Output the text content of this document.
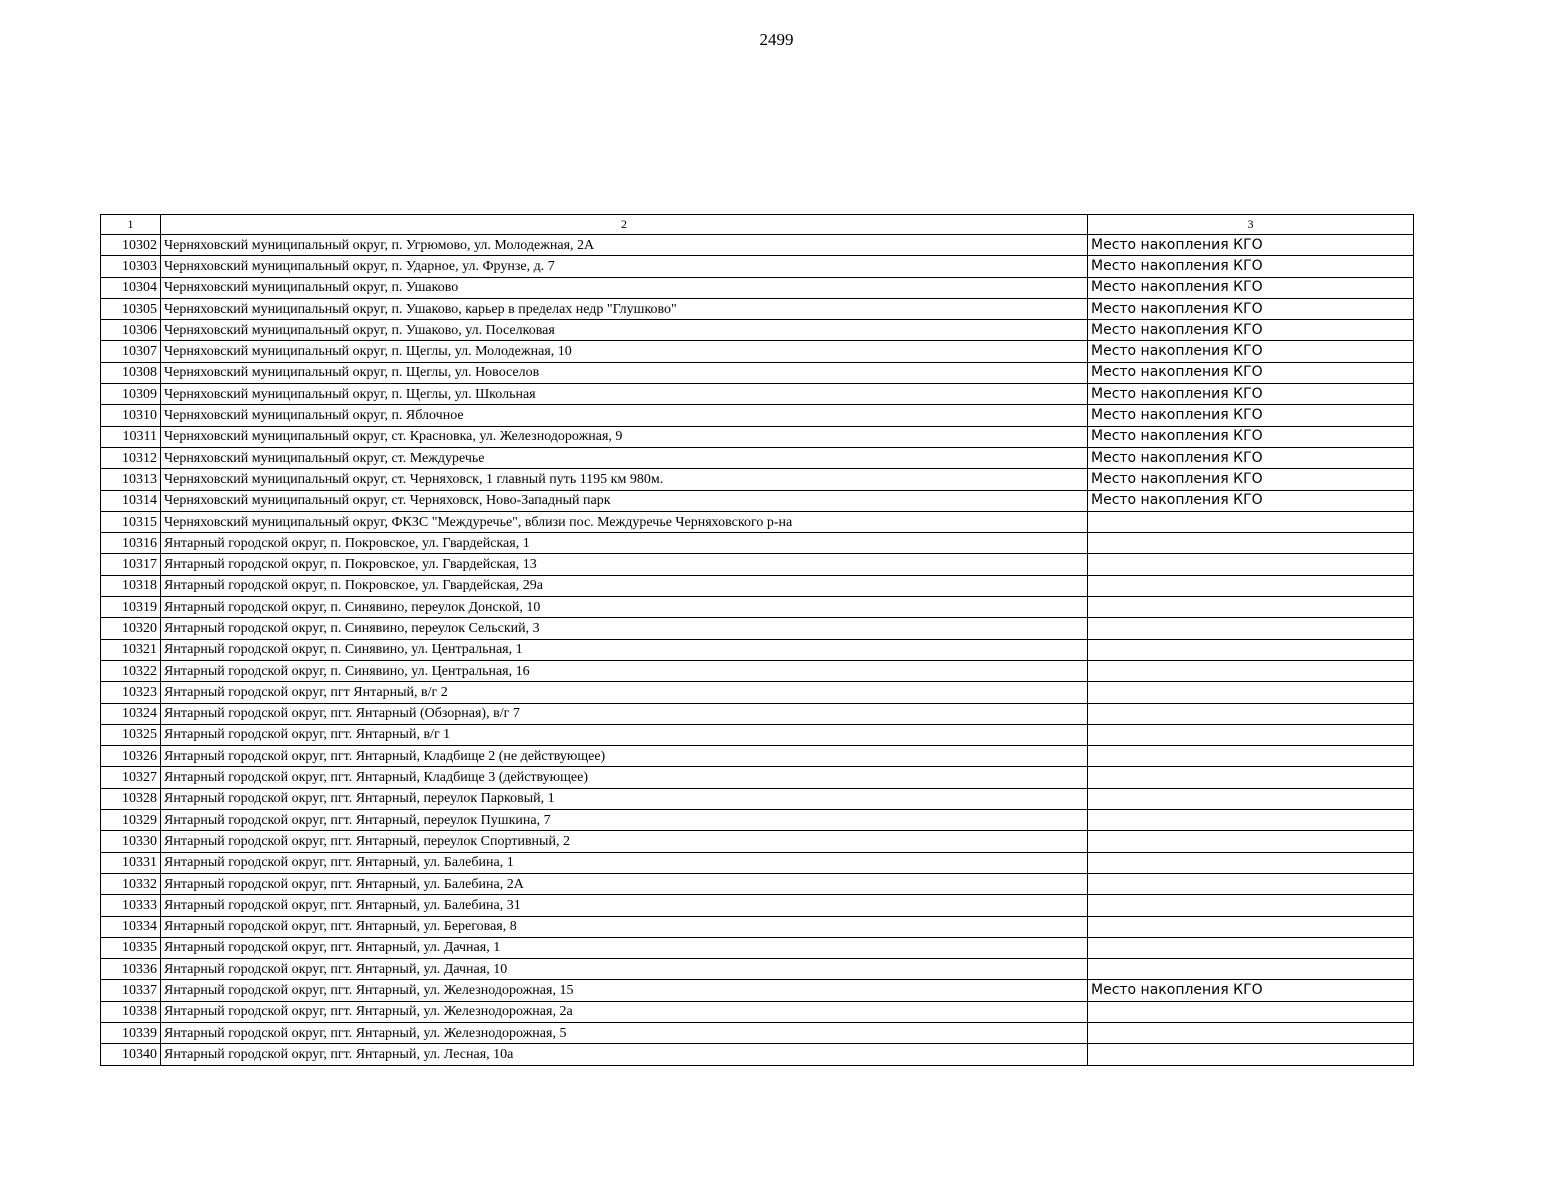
2499
1	2	3
10302	Черняховский муниципальный округ, п. Угрюмово, ул. Молодежная, 2А	Место накопления КГО
10303	Черняховский муниципальный округ, п. Ударное, ул. Фрунзе, д. 7	Место накопления КГО
10304	Черняховский муниципальный округ, п. Ушаково	Место накопления КГО
10305	Черняховский муниципальный округ, п. Ушаково, карьер в пределах недр "Глушково"	Место накопления КГО
10306	Черняховский муниципальный округ, п. Ушаково, ул. Поселковая	Место накопления КГО
10307	Черняховский муниципальный округ, п. Щеглы, ул. Молодежная, 10	Место накопления КГО
10308	Черняховский муниципальный округ, п. Щеглы, ул. Новоселов	Место накопления КГО
10309	Черняховский муниципальный округ, п. Щеглы, ул. Школьная	Место накопления КГО
10310	Черняховский муниципальный округ, п. Яблочное	Место накопления КГО
10311	Черняховский муниципальный округ, ст. Красновка, ул. Железнодорожная, 9	Место накопления КГО
10312	Черняховский муниципальный округ, ст. Междуречье	Место накопления КГО
10313	Черняховский муниципальный округ, ст. Черняховск, 1 главный путь 1195 км 980м.	Место накопления КГО
10314	Черняховский муниципальный округ, ст. Черняховск, Ново-Западный парк	Место накопления КГО
10315	Черняховский муниципальный округ, ФКЗС "Междуречье", вблизи пос. Междуречье Черняховского р-на	
10316	Янтарный городской округ, п. Покровское, ул. Гвардейская, 1	
10317	Янтарный городской округ, п. Покровское, ул. Гвардейская, 13	
10318	Янтарный городской округ, п. Покровское, ул. Гвардейская, 29а	
10319	Янтарный городской округ, п. Синявино, переулок Донской, 10	
10320	Янтарный городской округ, п. Синявино, переулок Сельский, 3	
10321	Янтарный городской округ, п. Синявино, ул. Центральная, 1	
10322	Янтарный городской округ, п. Синявино, ул. Центральная, 16	
10323	Янтарный городской округ, пгт Янтарный, в/г 2	
10324	Янтарный городской округ, пгт. Янтарный (Обзорная), в/г 7	
10325	Янтарный городской округ, пгт. Янтарный, в/г 1	
10326	Янтарный городской округ, пгт. Янтарный, Кладбище 2 (не действующее)	
10327	Янтарный городской округ, пгт. Янтарный, Кладбище 3 (действующее)	
10328	Янтарный городской округ, пгт. Янтарный, переулок Парковый, 1	
10329	Янтарный городской округ, пгт. Янтарный, переулок Пушкина, 7	
10330	Янтарный городской округ, пгт. Янтарный, переулок Спортивный, 2	
10331	Янтарный городской округ, пгт. Янтарный, ул. Балебина, 1	
10332	Янтарный городской округ, пгт. Янтарный, ул. Балебина, 2А	
10333	Янтарный городской округ, пгт. Янтарный, ул. Балебина, 31	
10334	Янтарный городской округ, пгт. Янтарный, ул. Береговая, 8	
10335	Янтарный городской округ, пгт. Янтарный, ул. Дачная, 1	
10336	Янтарный городской округ, пгт. Янтарный, ул. Дачная, 10	
10337	Янтарный городской округ, пгт. Янтарный, ул. Железнодорожная, 15	Место накопления КГО
10338	Янтарный городской округ, пгт. Янтарный, ул. Железнодорожная, 2а	
10339	Янтарный городской округ, пгт. Янтарный, ул. Железнодорожная, 5	
10340	Янтарный городской округ, пгт. Янтарный, ул. Лесная, 10а	
